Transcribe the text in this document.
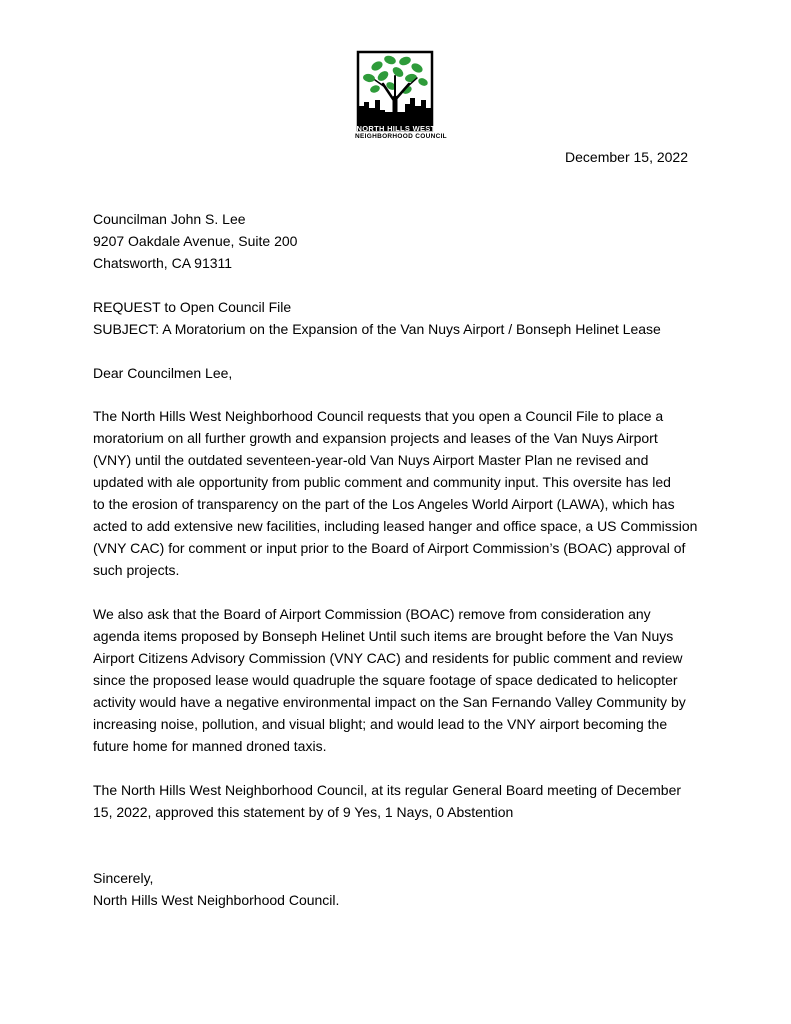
NORTH HILLS WEST
NEIGHBORHOOD COUNCIL
December 15, 2022
Councilman John S. Lee
9207 Oakdale Avenue, Suite 200
Chatsworth, CA 91311
REQUEST to Open Council File
SUBJECT: A Moratorium on the Expansion of the Van Nuys Airport / Bonseph Helinet Lease
Dear Councilmen Lee,
The North Hills West Neighborhood Council requests that you open a Council File to place a
moratorium on all further growth and expansion projects and leases of the Van Nuys Airport
(VNY) until the outdated seventeen-year-old Van Nuys Airport Master Plan ne revised and
updated with ale opportunity from public comment and community input. This oversite has led
to the erosion of transparency on the part of the Los Angeles World Airport (LAWA), which has
acted to add extensive new facilities, including leased hanger and office space, a US Commission
(VNY CAC) for comment or input prior to the Board of Airport Commission’s (BOAC) approval of
such projects.
We also ask that the Board of Airport Commission (BOAC) remove from consideration any
agenda items proposed by Bonseph Helinet Until such items are brought before the Van Nuys
Airport Citizens Advisory Commission (VNY CAC) and residents for public comment and review
since the proposed lease would quadruple the square footage of space dedicated to helicopter
activity would have a negative environmental impact on the San Fernando Valley Community by
increasing noise, pollution, and visual blight; and would lead to the VNY airport becoming the
future home for manned droned taxis.
The North Hills West Neighborhood Council, at its regular General Board meeting of December
15, 2022, approved this statement by of 9 Yes, 1 Nays, 0 Abstention
Sincerely,
North Hills West Neighborhood Council.
